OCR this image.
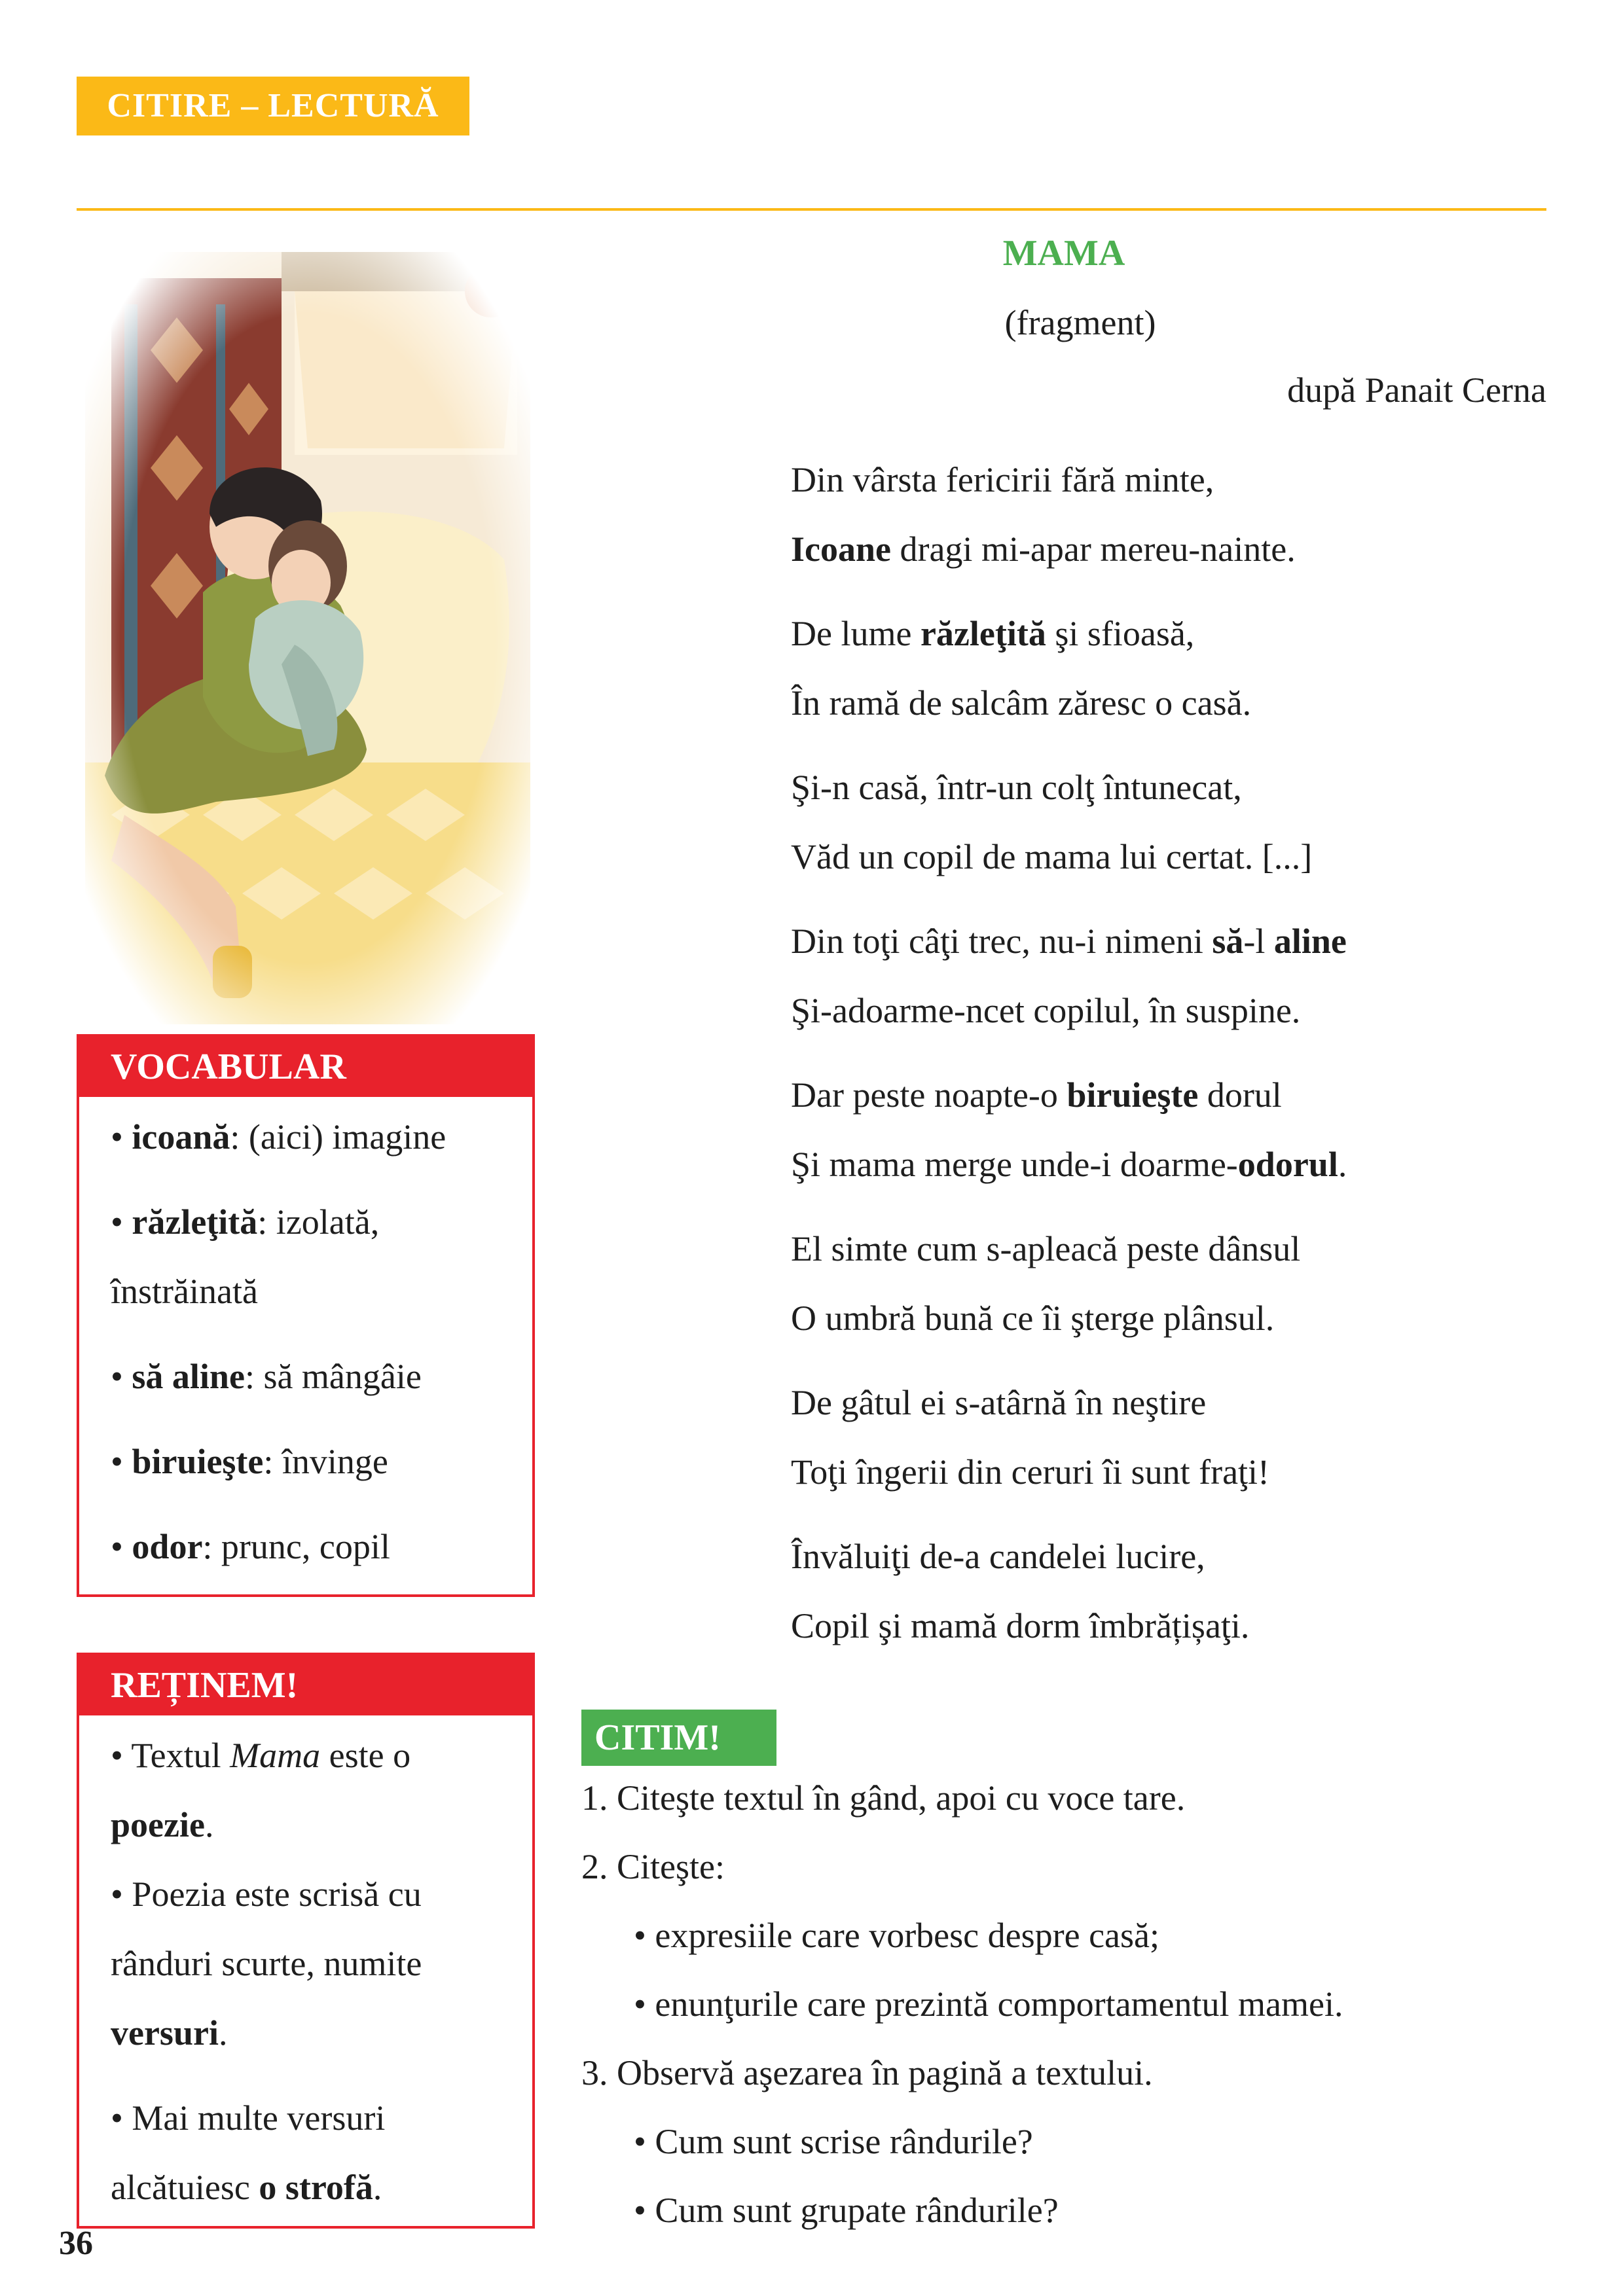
CITIRE – LECTURĂ
MAMA
(fragment)
după Panait Cerna
Din vârsta fericirii fără minte,
Icoane dragi mi-apar mereu-nainte.
De lume răzleţită şi sfioasă,
În ramă de salcâm zăresc o casă.
Şi-n casă, într-un colţ întunecat,
Văd un copil de mama lui certat. [...]
Din toţi câţi trec, nu-i nimeni să-l aline
Şi-adoarme-ncet copilul, în suspine.
Dar peste noapte-o biruieşte dorul
Şi mama merge unde-i doarme-odorul.
El simte cum s-apleacă peste dânsul
O umbră bună ce îi şterge plânsul.
De gâtul ei s-atârnă în neştire
Toţi îngerii din ceruri îi sunt fraţi!
Învăluiţi de-a candelei lucire,
Copil şi mamă dorm îmbrățișaţi.
VOCABULAR
• icoană: (aici) imagine
• răzleţită: izolată,
înstrăinată
• să aline: să mângâie
• biruieşte: învinge
• odor: prunc, copil
REȚINEM!
• Textul Mama este o
poezie.
• Poezia este scrisă cu
rânduri scurte, numite
versuri.
• Mai multe versuri
alcătuiesc o strofă.
CITIM!
1. Citeşte textul în gând, apoi cu voce tare.
2. Citeşte:
• expresiile care vorbesc despre casă;
• enunţurile care prezintă comportamentul mamei.
3. Observă aşezarea în pagină a textului.
• Cum sunt scrise rândurile?
• Cum sunt grupate rândurile?
36
